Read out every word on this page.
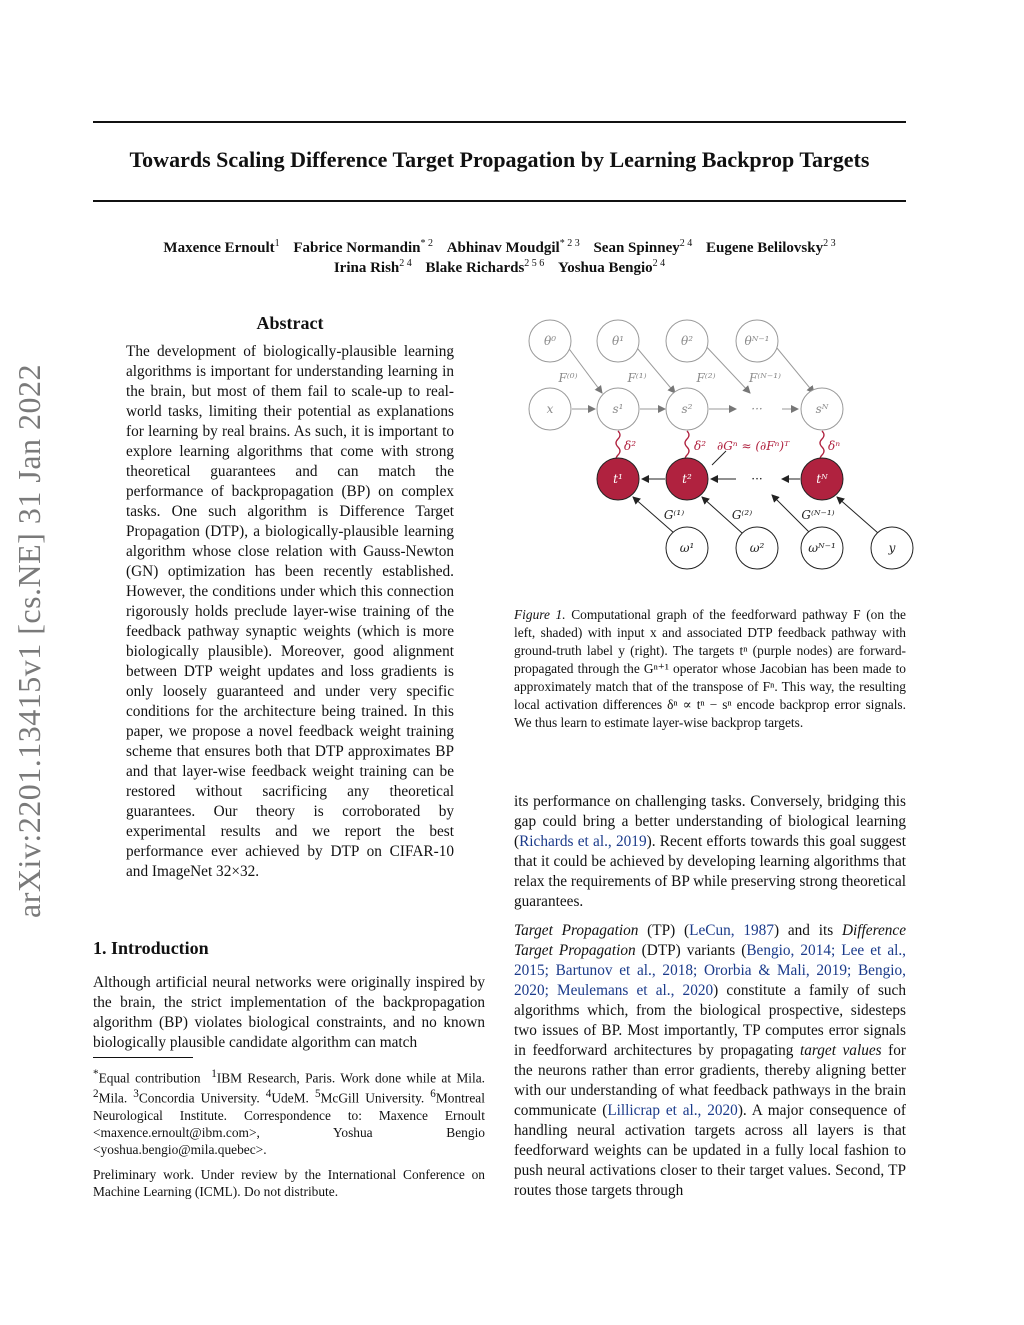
arXiv:2201.13415v1 [cs.NE] 31 Jan 2022
Towards Scaling Difference Target Propagation by Learning Backprop Targets
Maxence Ernoult$^1$ Fabrice Normandin$^{* 2}$ Abhinav Moudgil$^{* 2 3}$ Sean Spinney$^{2 4}$ Eugene Belilovsky$^{2 3}$
Irina Rish$^{2 4}$ Blake Richards$^{2 5 6}$ Yoshua Bengio$^{2 4}$
Abstract

The development of biologically-plausible learning algorithms is important for understanding learning in the brain, but most of them fail to scale-up to real-world tasks, limiting their potential as explanations for learning by real brains. As such, it is important to explore learning algorithms that come with strong theoretical guarantees and can match the performance of backpropagation (BP) on complex tasks. One such algorithm is Difference Target Propagation (DTP), a biologically-plausible learning algorithm whose close relation with Gauss-Newton (GN) optimization has been recently established. However, the conditions under which this connection rigorously holds preclude layer-wise training of the feedback pathway synaptic weights (which is more biologically plausible). Moreover, good alignment between DTP weight updates and loss gradients is only loosely guaranteed and under very specific conditions for the architecture being trained. In this paper, we propose a novel feedback weight training scheme that ensures both that DTP approximates BP and that layer-wise feedback weight training can be restored without sacrificing any theoretical guarantees. Our theory is corroborated by experimental results and we report the best performance ever achieved by DTP on CIFAR-10 and ImageNet 32×32.

1. Introduction

Although artificial neural networks were originally inspired by the brain, the strict implementation of the backpropagation algorithm (BP) violates biological constraints, and no known biologically plausible candidate algorithm can match

*Equal contribution $^1$IBM Research, Paris. Work done while at Mila. $^2$Mila. $^3$Concordia University. $^4$UdeM. $^5$McGill University. $^6$Montreal Neurological Institute. Correspondence to: Maxence Ernoult <maxence.ernoult@ibm.com>, Yoshua Bengio <yoshua.bengio@mila.quebec>.
Preliminary work. Under review by the International Conference on Machine Learning (ICML). Do not distribute.
θ⁰	θ¹	θ²	θᴺ⁻¹
F⁽⁰⁾	F⁽¹⁾	F⁽²⁾	F⁽ᴺ⁻¹⁾
x	s¹	s²	···	sᴺ
δ²	δ²	δⁿ
∂Gⁿ ≈ (∂Fⁿ)ᵀ
t¹	t²	tᴺ
···
G⁽¹⁾	G⁽²⁾	G⁽ᴺ⁻¹⁾
ω¹	ω²	ωᴺ⁻¹	y
Figure 1. Computational graph of the feedforward pathway F (on the left, shaded) with input x and associated DTP feedback pathway with ground-truth label y (right). The targets tⁿ (purple nodes) are forward-propagated through the Gⁿ⁺¹ operator whose Jacobian has been made to approximately match that of the transpose of Fⁿ. This way, the resulting local activation differences δⁿ ∝ tⁿ − sⁿ encode backprop error signals. We thus learn to estimate layer-wise backprop targets.

its performance on challenging tasks. Conversely, bridging this gap could bring a better understanding of biological learning (Richards et al., 2019). Recent efforts towards this goal suggest that it could be achieved by developing learning algorithms that relax the requirements of BP while preserving strong theoretical guarantees.

Target Propagation (TP) (LeCun, 1987) and its Difference Target Propagation (DTP) variants (Bengio, 2014; Lee et al., 2015; Bartunov et al., 2018; Ororbia & Mali, 2019; Bengio, 2020; Meulemans et al., 2020) constitute a family of such algorithms which, from the biological prospective, sidesteps two issues of BP. Most importantly, TP computes error signals in feedforward architectures by propagating target values for the neurons rather than error gradients, thereby aligning better with our understanding of what feedback pathways in the brain communicate (Lillicrap et al., 2020). A major consequence of handling neural activation targets across all layers is that feedforward weights can be updated in a fully local fashion to push neural activations closer to their target values. Second, TP routes those targets through
